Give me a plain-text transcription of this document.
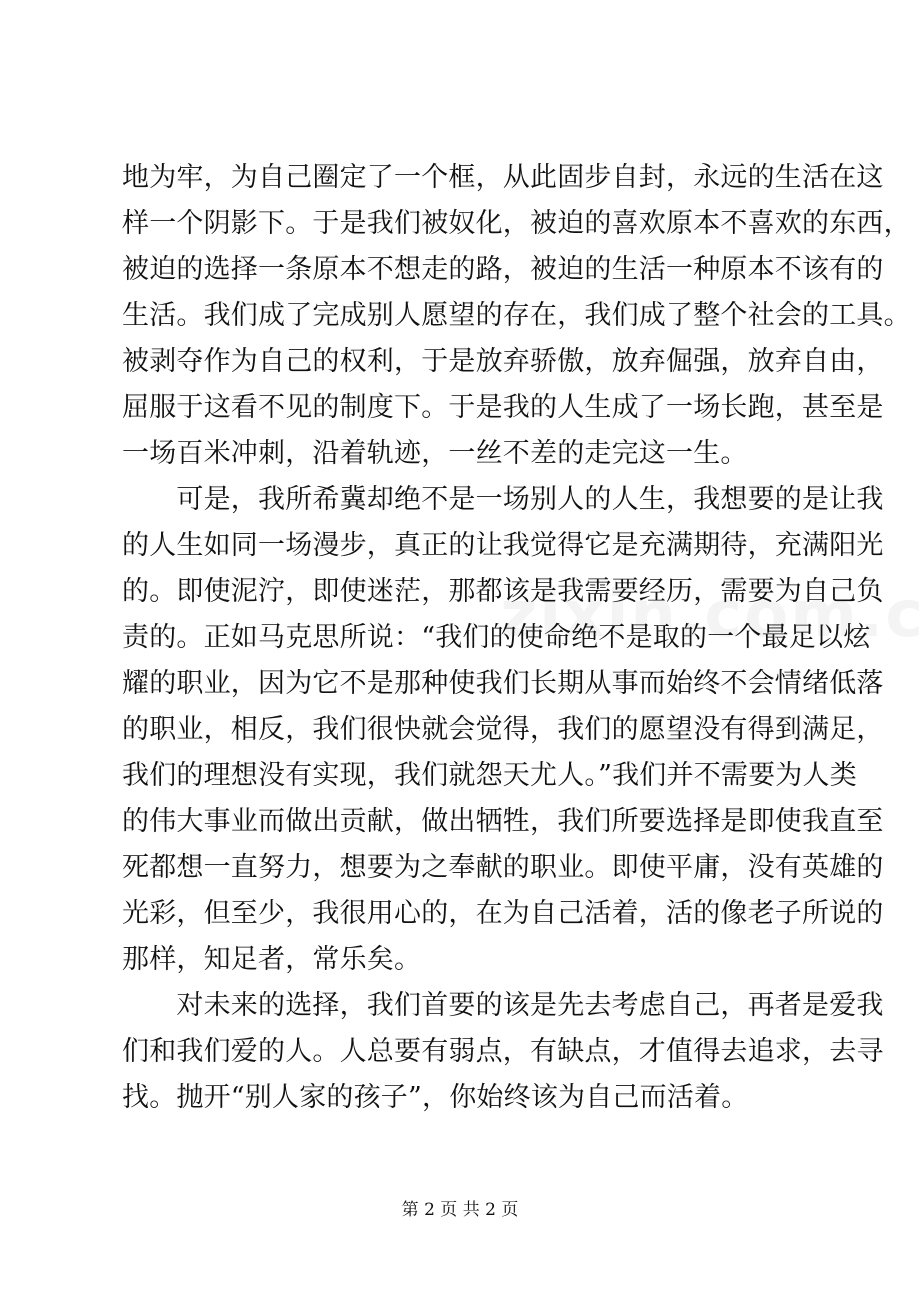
地为牢，为自己圈定了一个框，从此固步自封，永远的生活在这
样一个阴影下。于是我们被奴化，被迫的喜欢原本不喜欢的东西，
被迫的选择一条原本不想走的路，被迫的生活一种原本不该有的
生活。我们成了完成别人愿望的存在，我们成了整个社会的工具。
被剥夺作为自己的权利，于是放弃骄傲，放弃倔强，放弃自由，
屈服于这看不见的制度下。于是我的人生成了一场长跑，甚至是
一场百米冲刺，沿着轨迹，一丝不差的走完这一生。
　　可是，我所希冀却绝不是一场别人的人生，我想要的是让我
的人生如同一场漫步，真正的让我觉得它是充满期待，充满阳光
的。即使泥泞，即使迷茫，那都该是我需要经历，需要为自己负
责的。正如马克思所说：“我们的使命绝不是取的一个最足以炫
耀的职业，因为它不是那种使我们长期从事而始终不会情绪低落
的职业，相反，我们很快就会觉得，我们的愿望没有得到满足，
我们的理想没有实现，我们就怨天尤人。”我们并不需要为人类
的伟大事业而做出贡献，做出牺牲，我们所要选择是即使我直至
死都想一直努力，想要为之奉献的职业。即使平庸，没有英雄的
光彩，但至少，我很用心的，在为自己活着，活的像老子所说的
那样，知足者，常乐矣。
　　对未来的选择，我们首要的该是先去考虑自己，再者是爱我
们和我们爱的人。人总要有弱点，有缺点，才值得去追求，去寻
找。抛开“别人家的孩子”，你始终该为自己而活着。
第 2 页 共 2 页
